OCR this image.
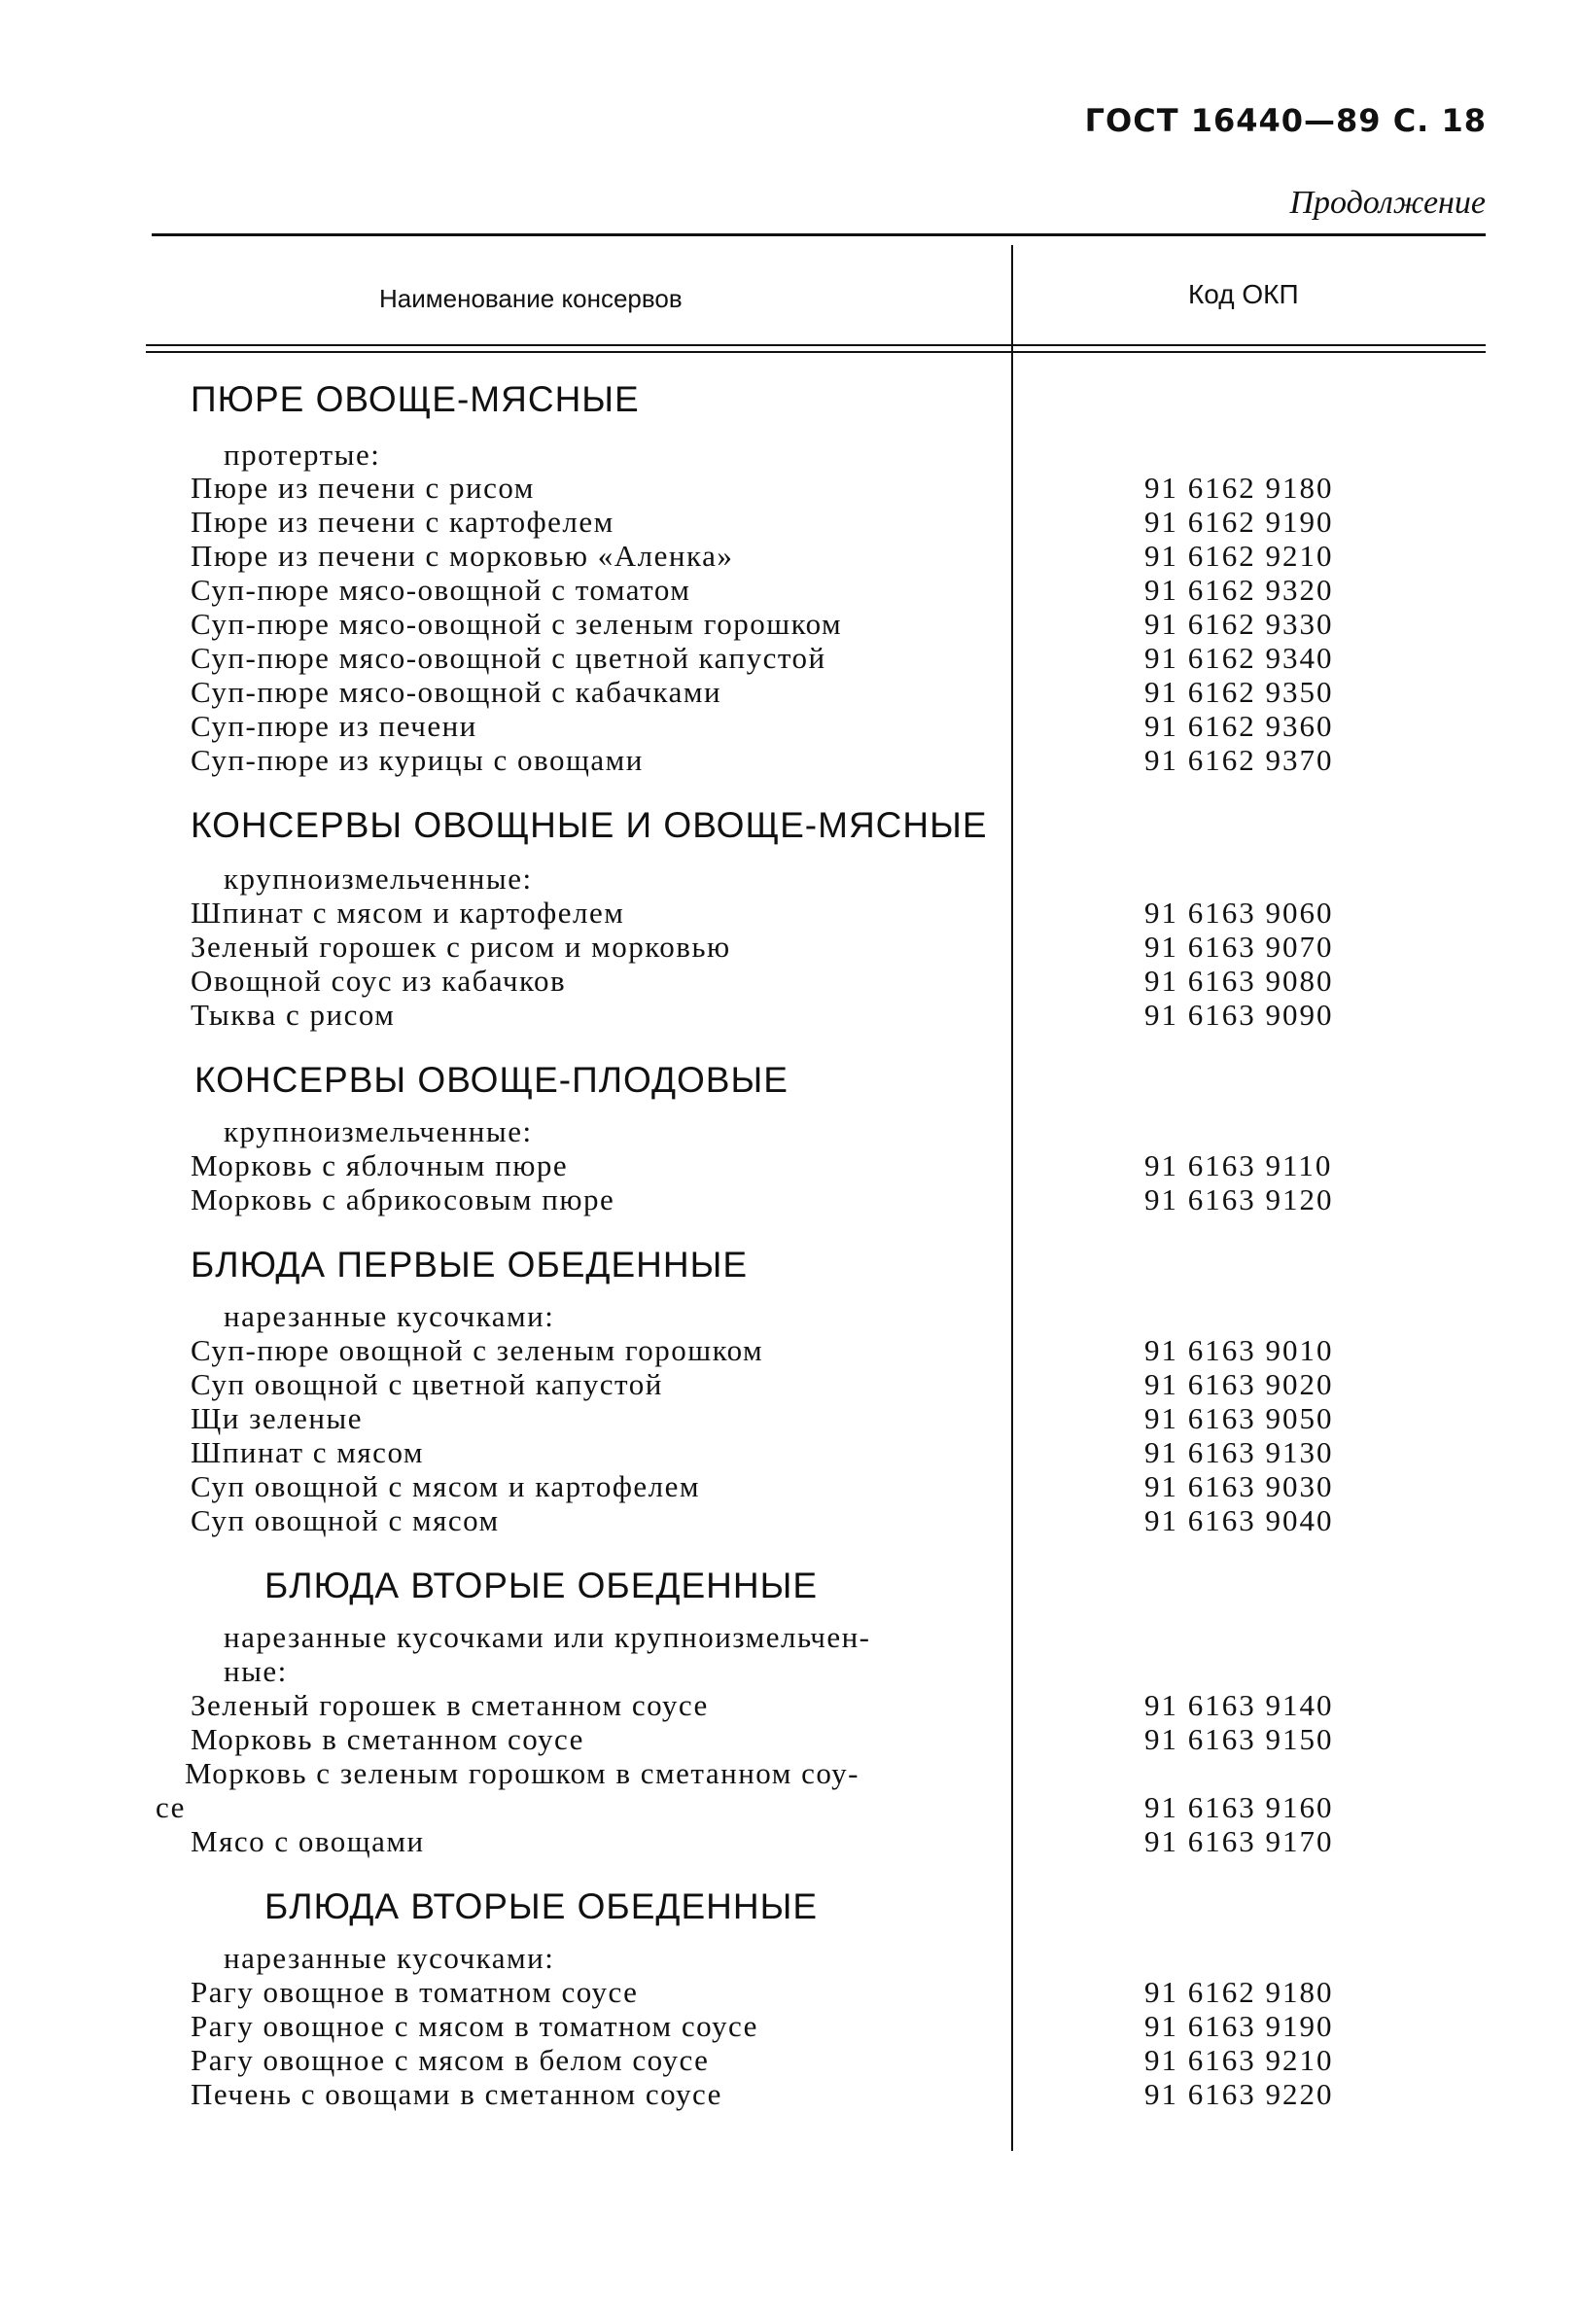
ГОСТ 16440—89 С. 18
Продолжение
Наименование консервов	Код ОКП
ПЮРЕ ОВОЩЕ-МЯСНЫЕ
протертые:
Пюре из печени с рисом	91 6162 9180
Пюре из печени с картофелем	91 6162 9190
Пюре из печени с морковью «Аленка»	91 6162 9210
Суп-пюре мясо-овощной с томатом	91 6162 9320
Суп-пюре мясо-овощной с зеленым горошком	91 6162 9330
Суп-пюре мясо-овощной с цветной капустой	91 6162 9340
Суп-пюре мясо-овощной с кабачками	91 6162 9350
Суп-пюре из печени	91 6162 9360
Суп-пюре из курицы с овощами	91 6162 9370
КОНСЕРВЫ ОВОЩНЫЕ И ОВОЩЕ-МЯСНЫЕ
крупноизмельченные:
Шпинат с мясом и картофелем	91 6163 9060
Зеленый горошек с рисом и морковью	91 6163 9070
Овощной соус из кабачков	91 6163 9080
Тыква с рисом	91 6163 9090
КОНСЕРВЫ ОВОЩЕ-ПЛОДОВЫЕ
крупноизмельченные:
Морковь с яблочным пюре	91 6163 9110
Морковь с абрикосовым пюре	91 6163 9120
БЛЮДА ПЕРВЫЕ ОБЕДЕННЫЕ
нарезанные кусочками:
Суп-пюре овощной с зеленым горошком	91 6163 9010
Суп овощной с цветной капустой	91 6163 9020
Щи зеленые	91 6163 9050
Шпинат с мясом	91 6163 9130
Суп овощной с мясом и картофелем	91 6163 9030
Суп овощной с мясом	91 6163 9040
БЛЮДА ВТОРЫЕ ОБЕДЕННЫЕ
нарезанные кусочками или крупноизмельчен-
ные:
Зеленый горошек в сметанном соусе	91 6163 9140
Морковь в сметанном соусе	91 6163 9150
Морковь с зеленым горошком в сметанном соу-
се	91 6163 9160
Мясо с овощами	91 6163 9170
БЛЮДА ВТОРЫЕ ОБЕДЕННЫЕ
нарезанные кусочками:
Рагу овощное в томатном соусе	91 6162 9180
Рагу овощное с мясом в томатном соусе	91 6163 9190
Рагу овощное с мясом в белом соусе	91 6163 9210
Печень с овощами в сметанном соусе	91 6163 9220
